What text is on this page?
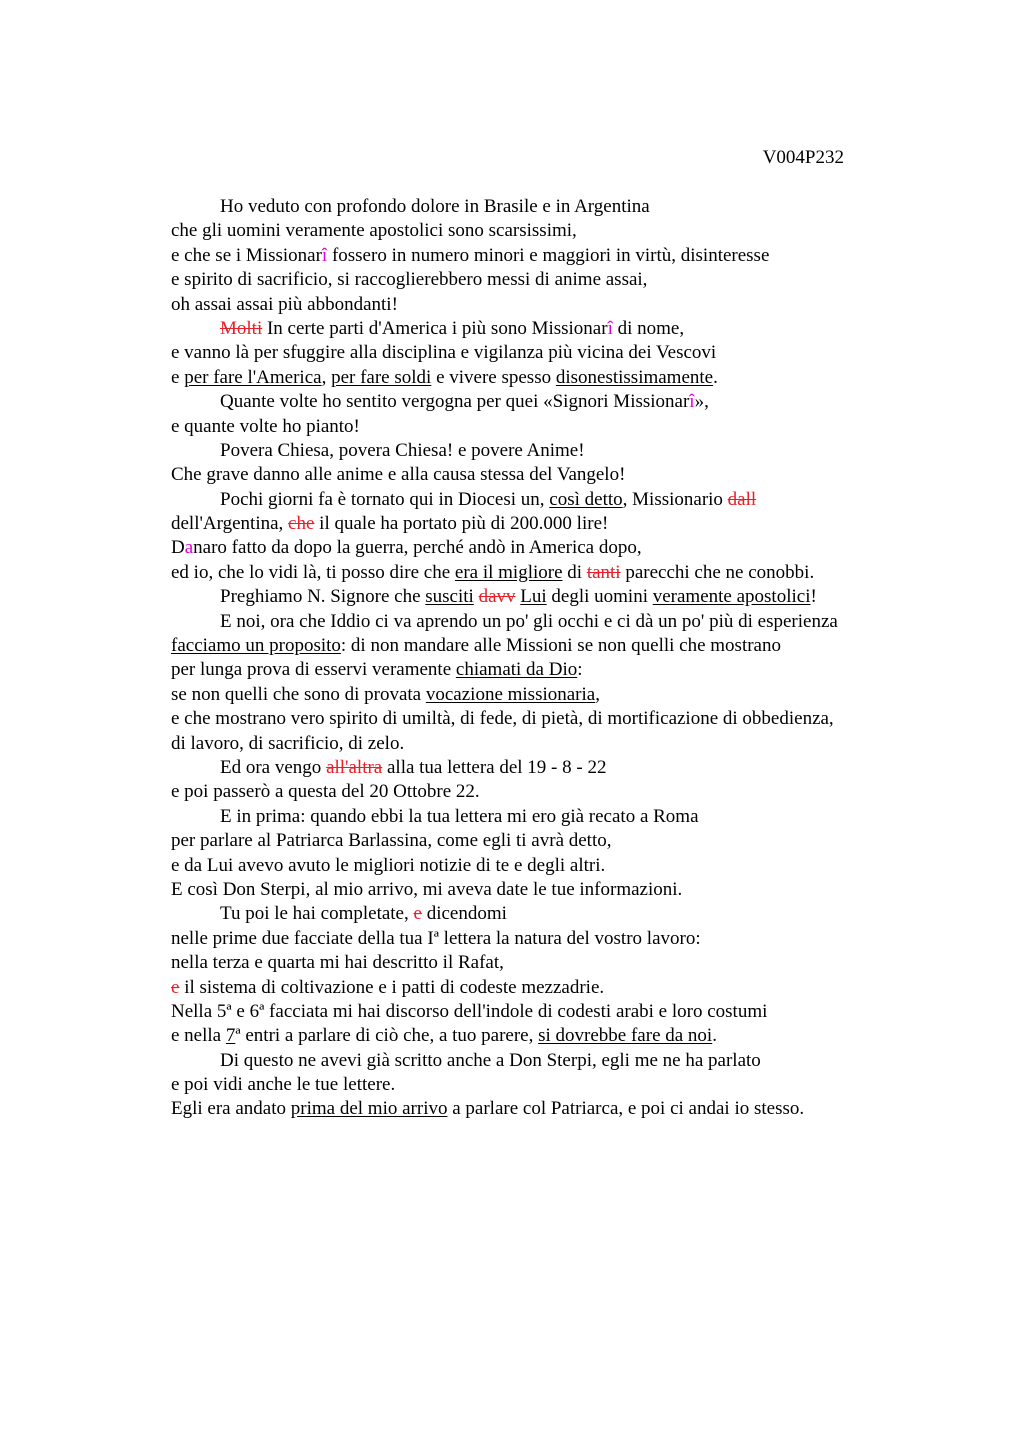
V004P232
Ho veduto con profondo dolore in Brasile e in Argentina
che gli uomini veramente apostolici sono scarsissimi,
e che se i Missionarî fossero in numero minori e maggiori in virtù, disinteresse
e spirito di sacrificio, si raccoglierebbero messi di anime assai,
oh assai assai più abbondanti!
Molti In certe parti d'America i più sono Missionarî di nome,
e vanno là per sfuggire alla disciplina e vigilanza più vicina dei Vescovi
e per fare l'America, per fare soldi e vivere spesso disonestissimamente.
Quante volte ho sentito vergogna per quei «Signori Missionarî»,
e quante volte ho pianto!
Povera Chiesa, povera Chiesa! e povere Anime!
Che grave danno alle anime e alla causa stessa del Vangelo!
Pochi giorni fa è tornato qui in Diocesi un, così detto, Missionario dall
dell'Argentina, che il quale ha portato più di 200.000 lire!
Danaro fatto da dopo la guerra, perché andò in America dopo,
ed io, che lo vidi là, ti posso dire che era il migliore di tanti parecchi che ne conobbi.
Preghiamo N. Signore che susciti davv Lui degli uomini veramente apostolici!
E noi, ora che Iddio ci va aprendo un po' gli occhi e ci dà un po' più di esperienza
facciamo un proposito: di non mandare alle Missioni se non quelli che mostrano
per lunga prova di esservi veramente chiamati da Dio:
se non quelli che sono di provata vocazione missionaria,
e che mostrano vero spirito di umiltà, di fede, di pietà, di mortificazione di obbedienza,
di lavoro, di sacrificio, di zelo.
Ed ora vengo all'altra alla tua lettera del 19 - 8 - 22
e poi passerò a questa del 20 Ottobre 22.
E in prima: quando ebbi la tua lettera mi ero già recato a Roma
per parlare al Patriarca Barlassina, come egli ti avrà detto,
e da Lui avevo avuto le migliori notizie di te e degli altri.
E così Don Sterpi, al mio arrivo, mi aveva date le tue informazioni.
Tu poi le hai completate, e dicendomi
nelle prime due facciate della tua Iª lettera la natura del vostro lavoro:
nella terza e quarta mi hai descritto il Rafat,
e il sistema di coltivazione e i patti di codeste mezzadrie.
Nella 5ª e 6ª facciata mi hai discorso dell'indole di codesti arabi e loro costumi
e nella 7ª entri a parlare di ciò che, a tuo parere, si dovrebbe fare da noi.
Di questo ne avevi già scritto anche a Don Sterpi, egli me ne ha parlato
e poi vidi anche le tue lettere.
Egli era andato prima del mio arrivo a parlare col Patriarca, e poi ci andai io stesso.
